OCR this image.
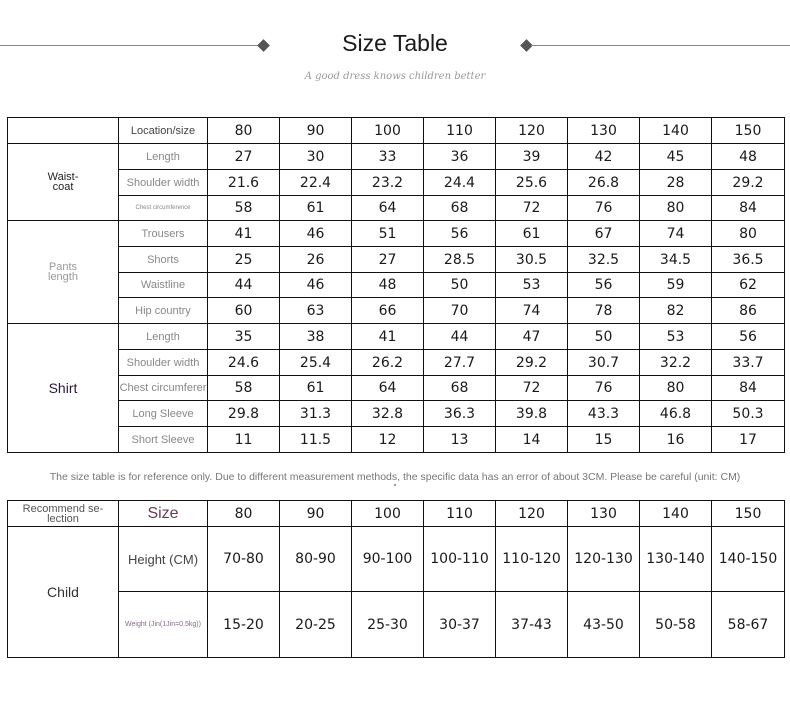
Size Table
A good dress knows children better
	Location/size	80	90	100	110	120	130	140	150
Waist-
coat	Length	27	30	33	36	39	42	45	48
	Shoulder width	21.6	22.4	23.2	24.4	25.6	26.8	28	29.2
	Chest circumference	58	61	64	68	72	76	80	84
Pants
length	Trousers	41	46	51	56	61	67	74	80
	Shorts	25	26	27	28.5	30.5	32.5	34.5	36.5
	Waistline	44	46	48	50	53	56	59	62
	Hip country	60	63	66	70	74	78	82	86
Shirt	Length	35	38	41	44	47	50	53	56
	Shoulder width	24.6	25.4	26.2	27.7	29.2	30.7	32.2	33.7
	Chest circumferer	58	61	64	68	72	76	80	84
	Long Sleeve	29.8	31.3	32.8	36.3	39.8	43.3	46.8	50.3
	Short Sleeve	11	11.5	12	13	14	15	16	17
The size table is for reference only. Due to different measurement methods, the specific data has an error of about 3CM. Please be careful (unit: CM)
Recommend se-
lection	Size	80	90	100	110	120	130	140	150
Child	Height (CM)	70-80	80-90	90-100	100-110	110-120	120-130	130-140	140-150
	Weight (Jin(1Jin=0.5kg))	15-20	20-25	25-30	30-37	37-43	43-50	50-58	58-67
